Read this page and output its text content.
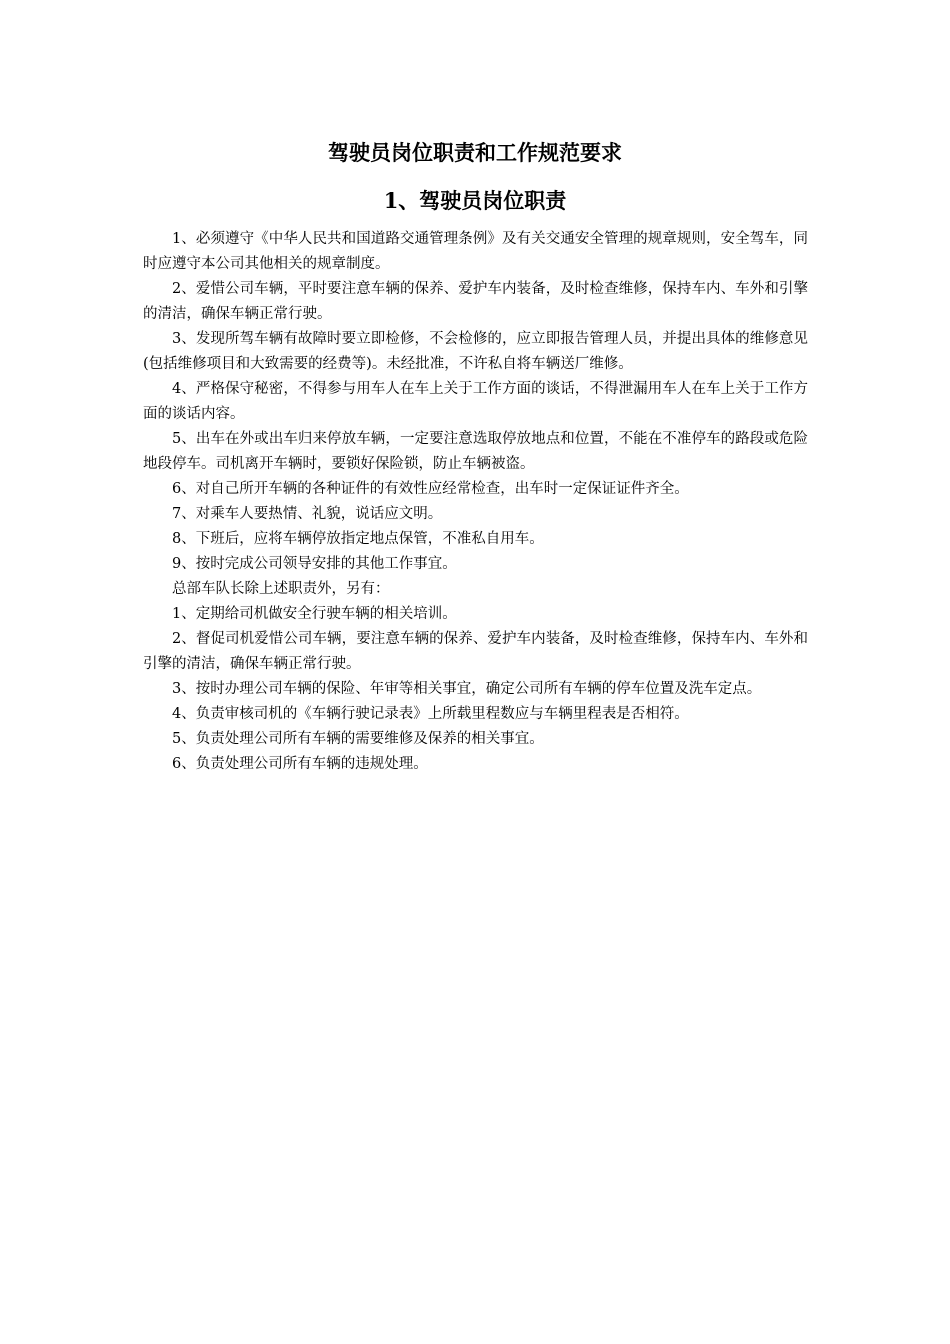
驾驶员岗位职责和工作规范要求
1、驾驶员岗位职责

1、必须遵守《中华人民共和国道路交通管理条例》及有关交通安全管理的规章规则，安全驾车，同时应遵守本公司其他相关的规章制度。

2、爱惜公司车辆，平时要注意车辆的保养、爱护车内装备，及时检查维修，保持车内、车外和引擎的清洁，确保车辆正常行驶。

3、发现所驾车辆有故障时要立即检修，不会检修的，应立即报告管理人员，并提出具体的维修意见(包括维修项目和大致需要的经费等)。未经批准，不许私自将车辆送厂维修。

4、严格保守秘密，不得参与用车人在车上关于工作方面的谈话，不得泄漏用车人在车上关于工作方面的谈话内容。

5、出车在外或出车归来停放车辆，一定要注意选取停放地点和位置，不能在不准停车的路段或危险地段停车。司机离开车辆时，要锁好保险锁，防止车辆被盗。

6、对自己所开车辆的各种证件的有效性应经常检查，出车时一定保证证件齐全。

7、对乘车人要热情、礼貌，说话应文明。

8、下班后，应将车辆停放指定地点保管，不准私自用车。

9、按时完成公司领导安排的其他工作事宜。

总部车队长除上述职责外，另有：

1、定期给司机做安全行驶车辆的相关培训。

2、督促司机爱惜公司车辆，要注意车辆的保养、爱护车内装备，及时检查维修，保持车内、车外和引擎的清洁，确保车辆正常行驶。

3、按时办理公司车辆的保险、年审等相关事宜，确定公司所有车辆的停车位置及洗车定点。

4、负责审核司机的《车辆行驶记录表》上所载里程数应与车辆里程表是否相符。

5、负责处理公司所有车辆的需要维修及保养的相关事宜。

6、负责处理公司所有车辆的违规处理。
